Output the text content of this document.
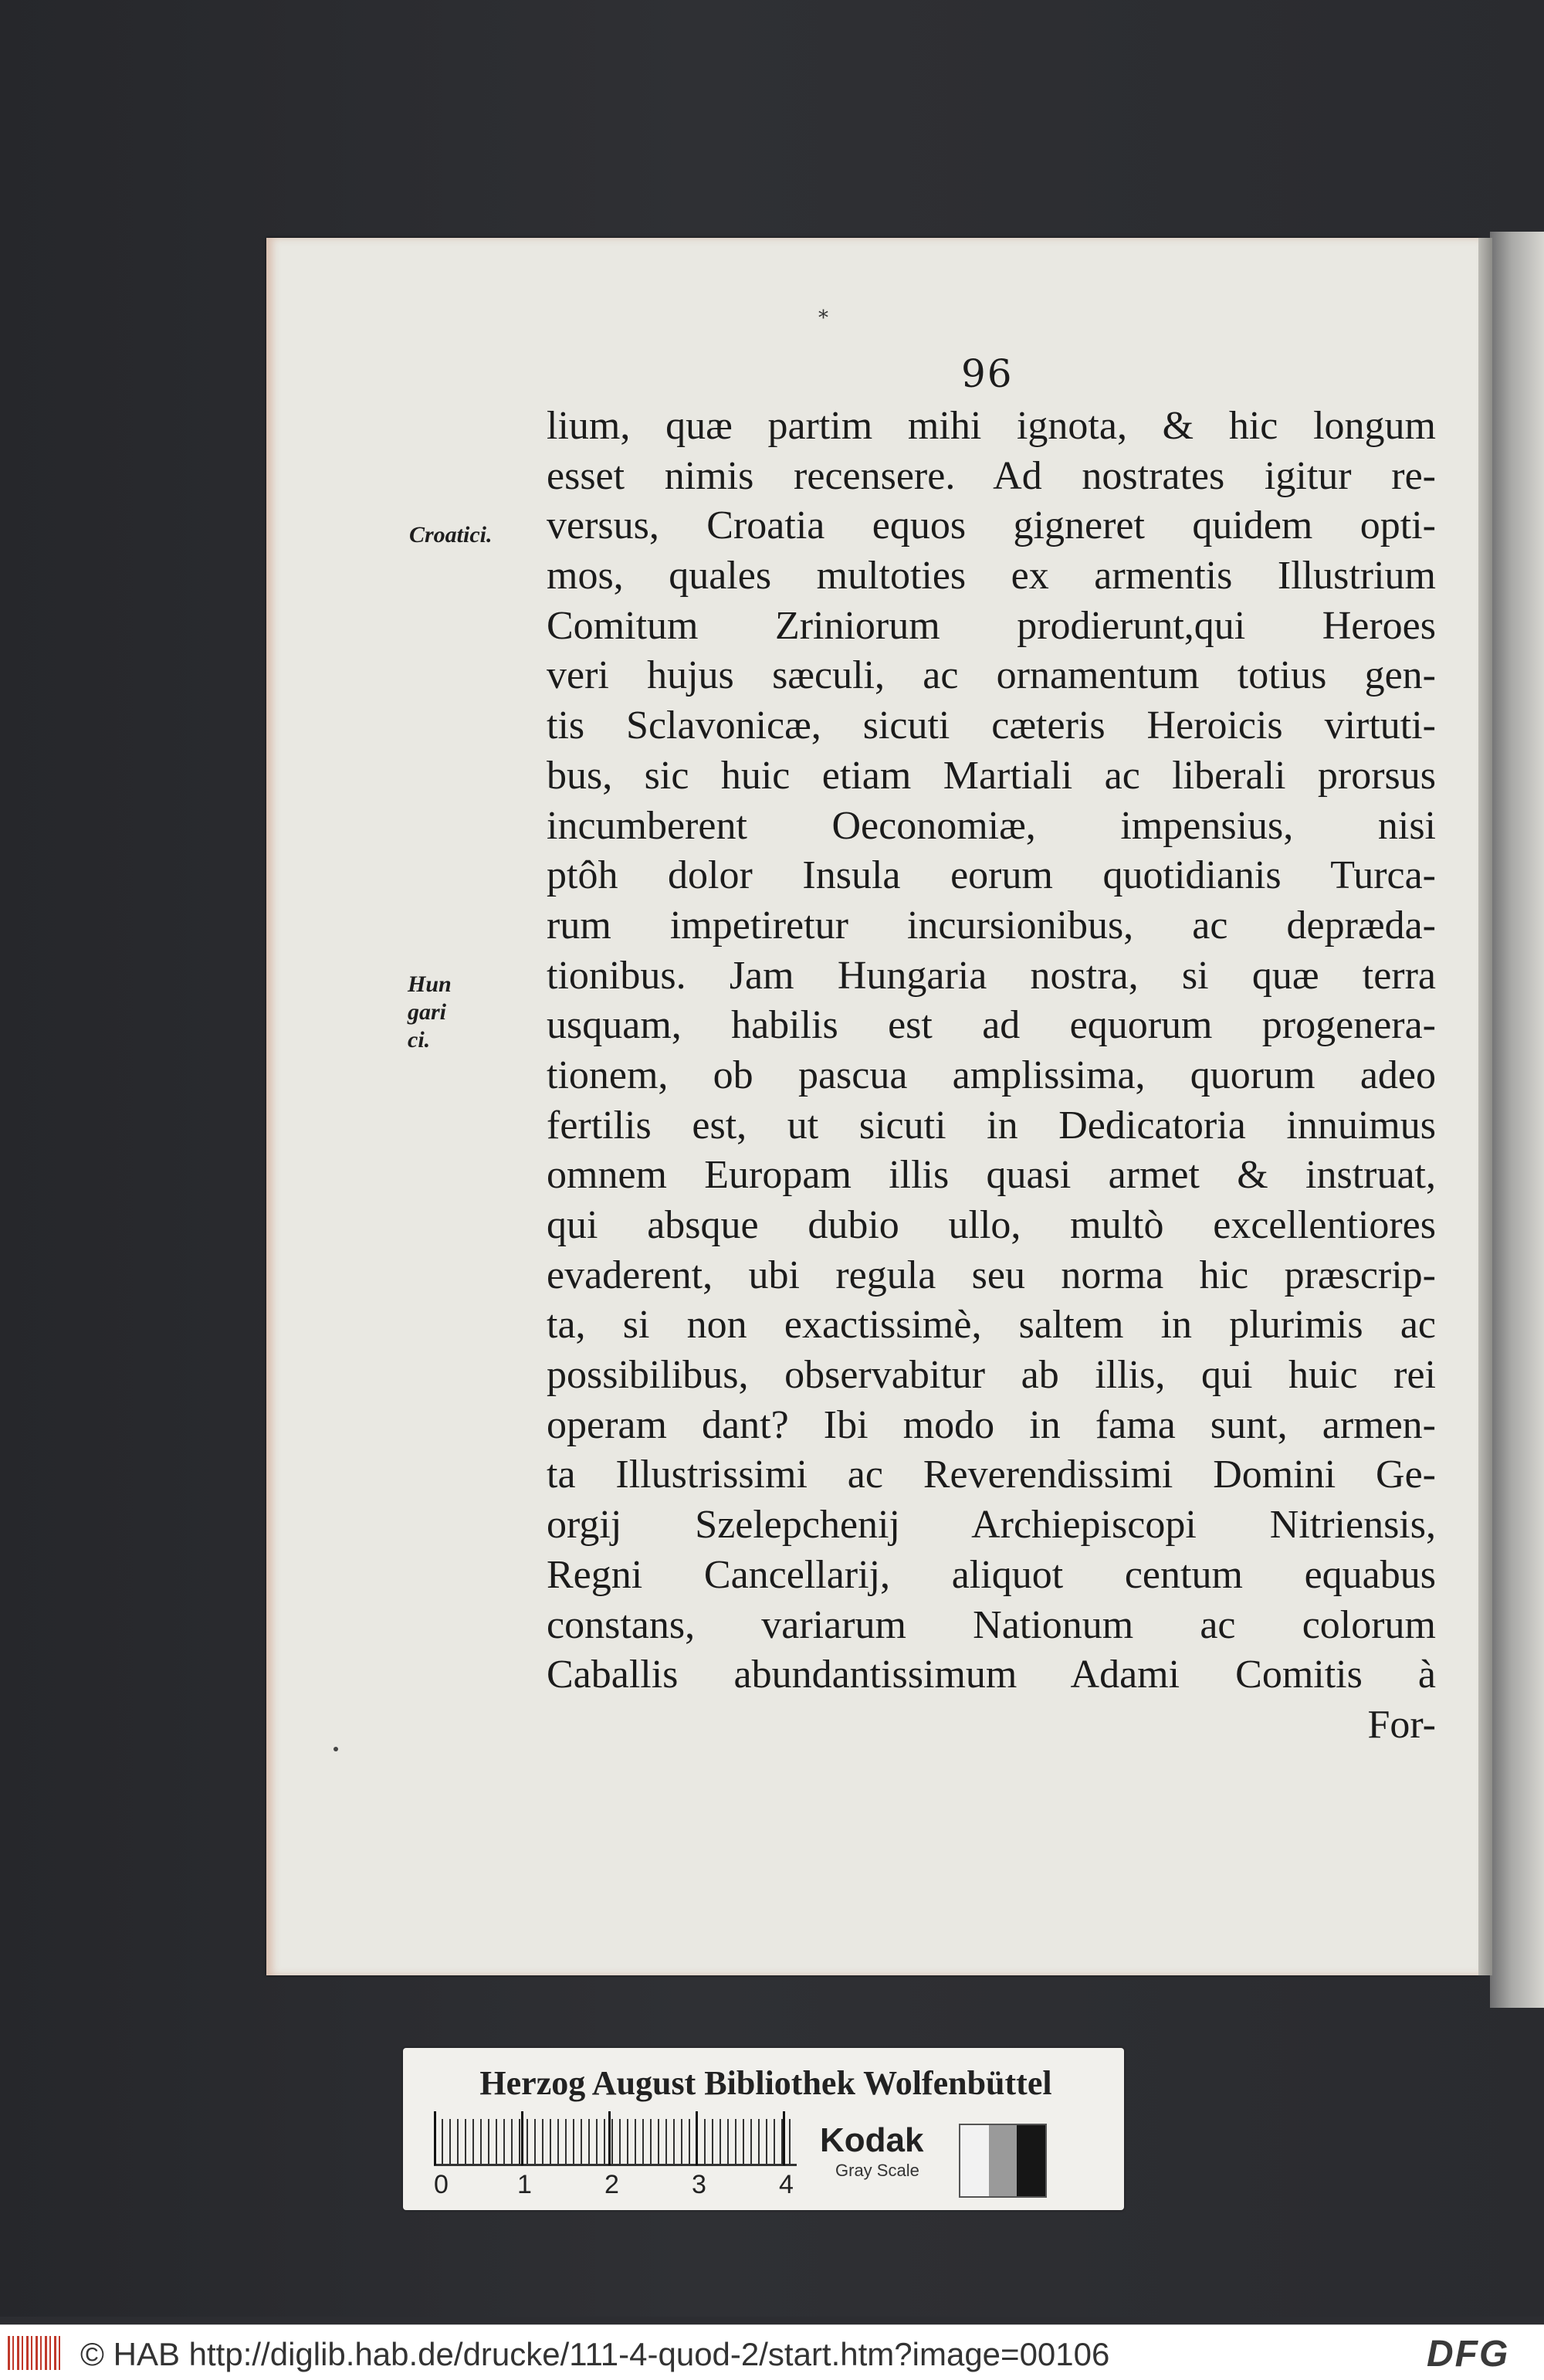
*
96
Croatici.
Hungarici.
lium, quæ partim mihi ignota, & hic longum
esset nimis recensere. Ad nostrates igitur re-
versus, Croatia equos gigneret quidem opti-
mos, quales multoties ex armentis Illustrium
Comitum Zriniorum prodierunt,qui Heroes
veri hujus sæculi, ac ornamentum totius gen-
tis Sclavonicæ, sicuti cæteris Heroicis virtuti-
bus, sic huic etiam Martiali ac liberali prorsus
incumberent Oeconomiæ, impensius, nisi
ptôh dolor Insula eorum quotidianis Turca-
rum impetiretur incursionibus, ac deprædа-
tionibus. Jam Hungaria nostra, si quæ terra
usquam, habilis est ad equorum progenera-
tionem, ob pascua amplissima, quorum adeo
fertilis est, ut sicuti in Dedicatoria innuimus
omnem Europam illis quasi armet & instruat,
qui absque dubio ullo, multò excellentiores
evaderent, ubi regula seu norma hic præscrip-
ta, si non exactissimè, saltem in plurimis ac
possibilibus, observabitur ab illis, qui huic rei
operam dant? Ibi modo in fama sunt, armen-
ta Illustrissimi ac Reverendissimi Domini Ge-
orgij Szelepchenij Archiepiscopi Nitriensis,
Regni Cancellarij, aliquot centum equabus
constans, variarum Nationum ac colorum
Caballis abundantissimum Adami Comitis à
For-
Herzog August Bibliothek Wolfenbüttel
0	1	2	3	4
Kodak
Gray Scale
© HAB http://diglib.hab.de/drucke/111-4-quod-2/start.htm?image=00106	DFG
